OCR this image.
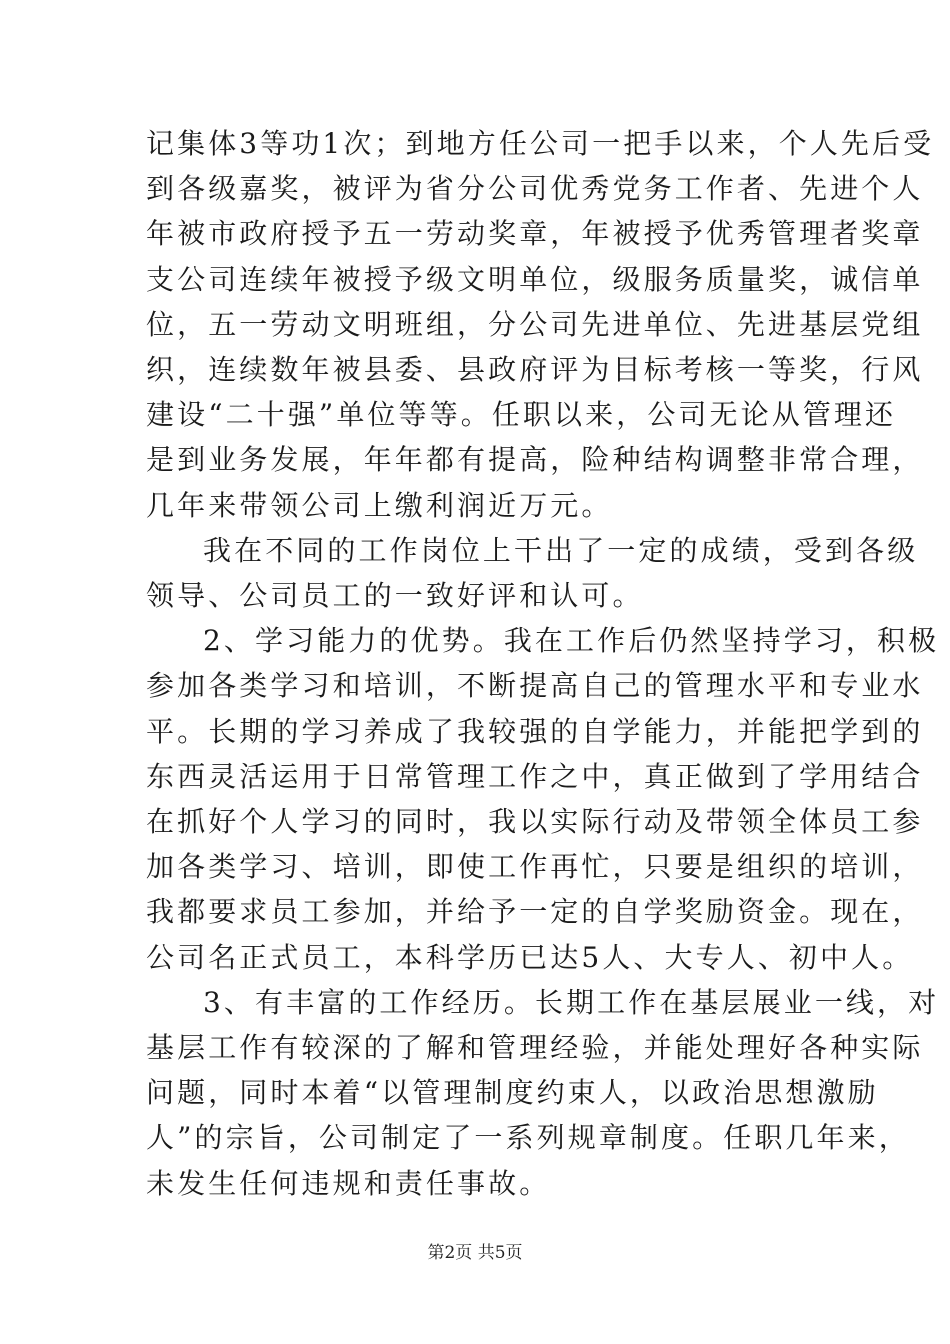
记集体3等功1次；到地方任公司一把手以来，个人先后受
到各级嘉奖，被评为省分公司优秀党务工作者、先进个人
年被市政府授予五一劳动奖章，年被授予优秀管理者奖章
支公司连续年被授予级文明单位，级服务质量奖，诚信单
位，五一劳动文明班组，分公司先进单位、先进基层党组
织，连续数年被县委、县政府评为目标考核一等奖，行风
建设“二十强”单位等等。任职以来，公司无论从管理还
是到业务发展，年年都有提高，险种结构调整非常合理，
几年来带领公司上缴利润近万元。
我在不同的工作岗位上干出了一定的成绩，受到各级
领导、公司员工的一致好评和认可。
2、学习能力的优势。我在工作后仍然坚持学习，积极
参加各类学习和培训，不断提高自己的管理水平和专业水
平。长期的学习养成了我较强的自学能力，并能把学到的
东西灵活运用于日常管理工作之中，真正做到了学用结合
在抓好个人学习的同时，我以实际行动及带领全体员工参
加各类学习、培训，即使工作再忙，只要是组织的培训，
我都要求员工参加，并给予一定的自学奖励资金。现在，
公司名正式员工，本科学历已达5人、大专人、初中人。
3、有丰富的工作经历。长期工作在基层展业一线，对
基层工作有较深的了解和管理经验，并能处理好各种实际
问题，同时本着“以管理制度约束人，以政治思想激励
人”的宗旨，公司制定了一系列规章制度。任职几年来，
未发生任何违规和责任事故。
第2页 共5页
